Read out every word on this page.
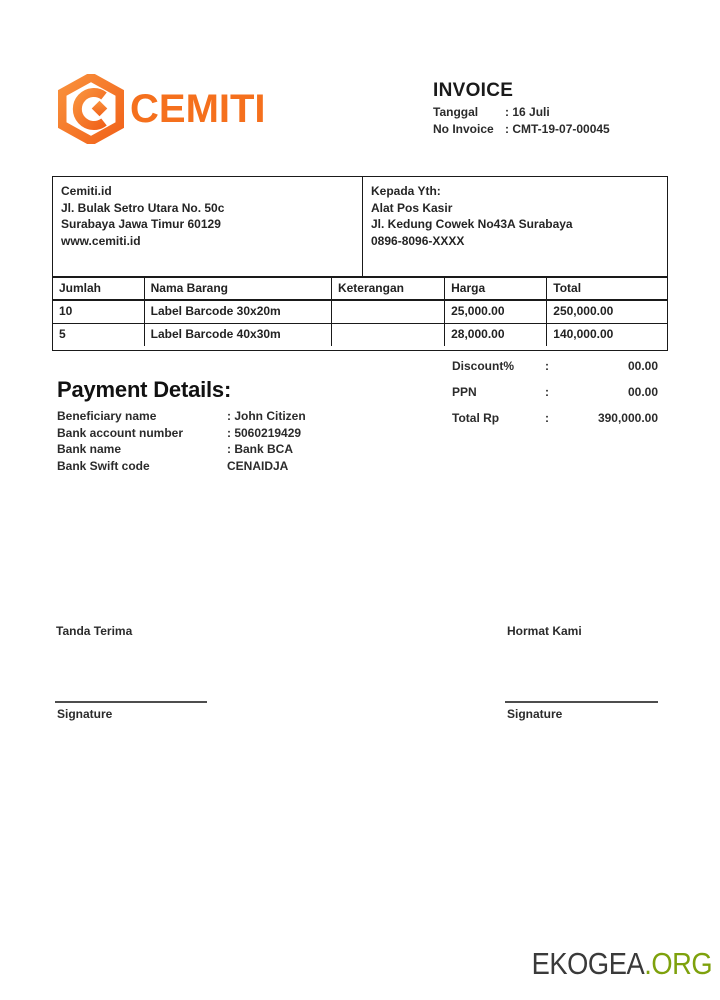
CEMITI	INVOICE
Tanggal	: 16 Juli
No Invoice : CMT-19-07-00045
Cemiti.id
Jl. Bulak Setro Utara No. 50c
Surabaya Jawa Timur 60129
www.cemiti.id
Kepada Yth:
Alat Pos Kasir
Jl. Kedung Cowek No43A Surabaya
0896-8096-XXXX
Jumlah	Nama Barang	Keterangan	Harga	Total
10	Label Barcode 30x20m		25,000.00	250,000.00
5	Label Barcode 40x30m		28,000.00	140,000.00
Discount%	:	00.00
PPN	:	00.00
Total Rp	:	390,000.00
Payment Details:
Beneficiary name	: John Citizen
Bank account number	: 5060219429
Bank name	: Bank BCA
Bank Swift code	CENAIDJA
Tanda Terima	Hormat Kami
Signature	Signature
EKOGEA.ORG
